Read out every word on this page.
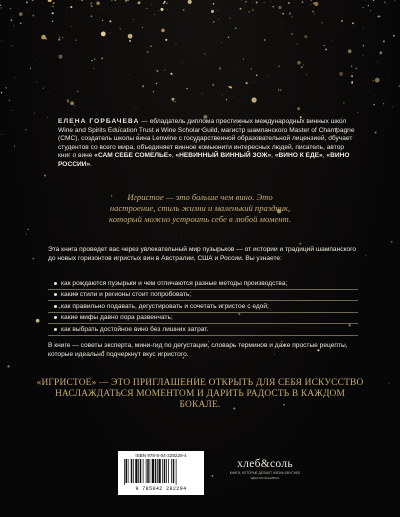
ЕЛЕНА ГОРБАЧЕВА — обладатель диплома престижных международных винных школ Wine and Spirits Education Trust и Wine Scholar Guild, магистр шампанского Master of Champagne (CMC), создатель школы вина Lenwine с государственной образовательной лицензией, обучает студентов со всего мира, объединяет винное комьюнити интересных людей, писатель, автор книг о вине «САМ СЕБЕ СОМЕЛЬЕ», «НЕВИННЫЙ ВИННЫЙ ЗОЖ», «ВИНО К ЕДЕ», «ВИНО РОССИИ».
Игристое — это больше чем вино. Это настроение, стиль жизни и маленький праздник, который можно устроить себе в любой момент.
Эта книга проведет вас через увлекательный мир пузырьков — от истории и традиций шампанского до новых горизонтов игристых вин в Австралии, США и России. Вы узнаете:
как рождаются пузырьки и чем отличаются разные методы производства;
какие стили и регионы стоит попробовать;
как правильно подавать, дегустировать и сочетать игристое с едой;
какие мифы давно пора развенчать;
как выбрать достойное вино без лишних затрат.
В книге — советы эксперта, мини-гид по дегустации, словарь терминов и даже простые рецепты, которые идеально подчеркнут вкус игристого.
«ИГРИСТОЕ» — ЭТО ПРИГЛАШЕНИЕ ОТКРЫТЬ ДЛЯ СЕБЯ ИСКУССТВО НАСЛАЖДАТЬСЯ МОМЕНТОМ И ДАРИТЬ РАДОСТЬ В КАЖДОМ БОКАЛЕ.
ISBN 978-5-04-228229-4
9 785042 282294
хлеб&соль
КНИГИ, КОТОРЫЕ ДЕЛАЮТ ЖИЗНЬ ВКУСНЕЕ
ЭДЕНТ.РУ/KHLEBSOL
